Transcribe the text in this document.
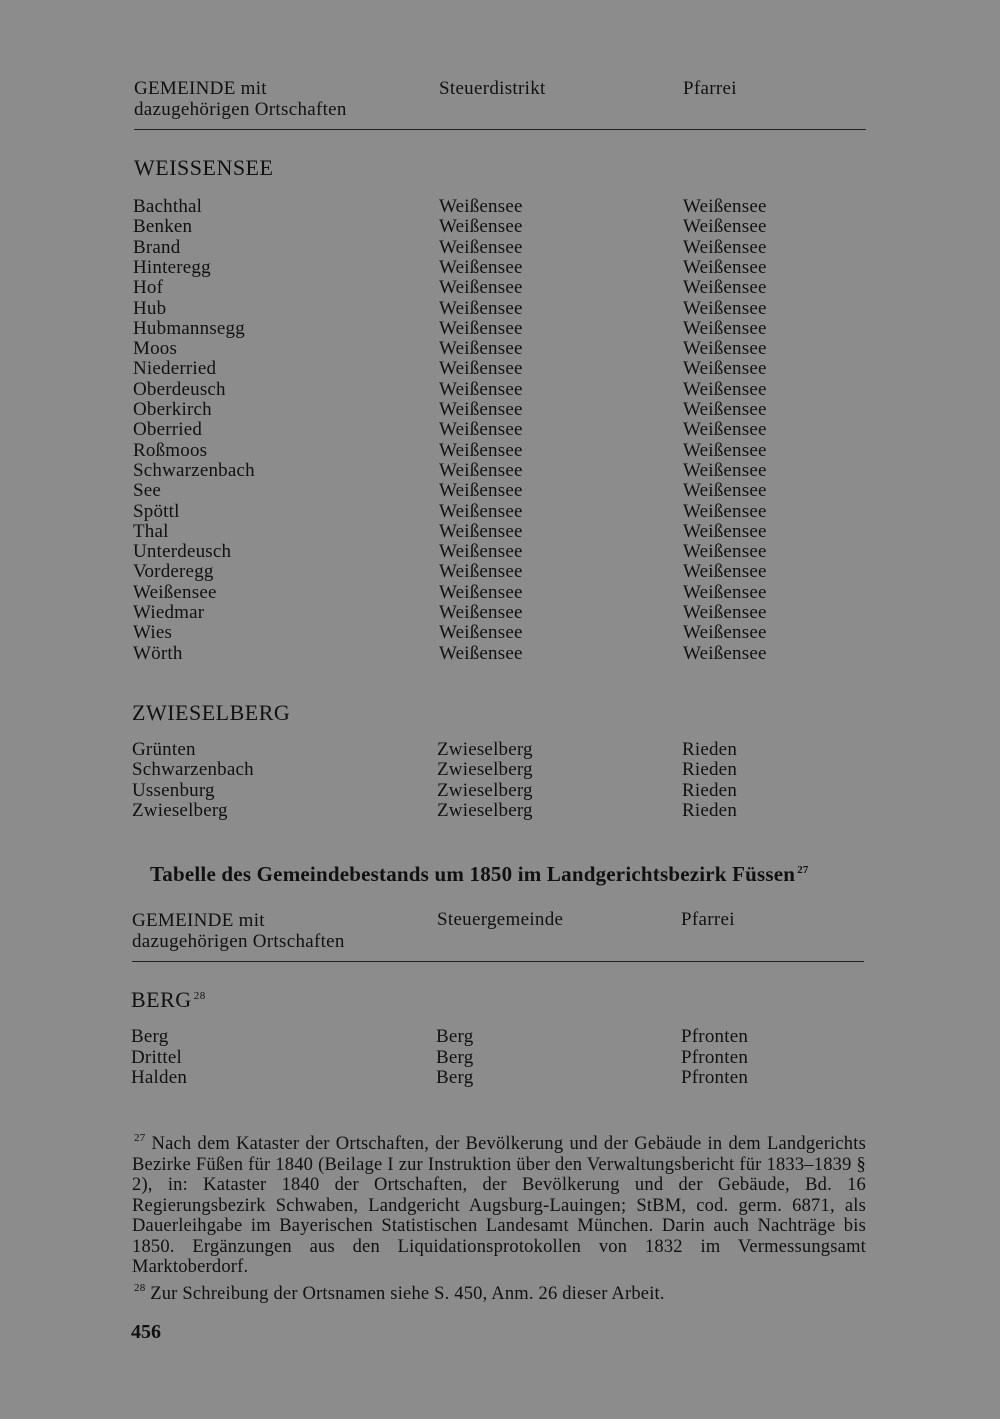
GEMEINDE mit
dazugehörigen Ortschaften
Steuerdistrikt	Pfarrei
WEISSENSEE
Bachthal	Weißensee	Weißensee
Benken	Weißensee	Weißensee
Brand	Weißensee	Weißensee
Hinteregg	Weißensee	Weißensee
Hof	Weißensee	Weißensee
Hub	Weißensee	Weißensee
Hubmannsegg	Weißensee	Weißensee
Moos	Weißensee	Weißensee
Niederried	Weißensee	Weißensee
Oberdeusch	Weißensee	Weißensee
Oberkirch	Weißensee	Weißensee
Oberried	Weißensee	Weißensee
Roßmoos	Weißensee	Weißensee
Schwarzenbach	Weißensee	Weißensee
See	Weißensee	Weißensee
Spöttl	Weißensee	Weißensee
Thal	Weißensee	Weißensee
Unterdeusch	Weißensee	Weißensee
Vorderegg	Weißensee	Weißensee
Weißensee	Weißensee	Weißensee
Wiedmar	Weißensee	Weißensee
Wies	Weißensee	Weißensee
Wörth	Weißensee	Weißensee
ZWIESELBERG
Grünten	Zwieselberg	Rieden
Schwarzenbach	Zwieselberg	Rieden
Ussenburg	Zwieselberg	Rieden
Zwieselberg	Zwieselberg	Rieden
Tabelle des Gemeindebestands um 1850 im Landgerichtsbezirk Füssen $^{27}$
GEMEINDE mit
dazugehörigen Ortschaften
Steuergemeinde	Pfarrei
BERG $^{28}$
Berg	Berg	Pfronten
Drittel	Berg	Pfronten
Halden	Berg	Pfronten

$^{27}$ Nach dem Kataster der Ortschaften, der Bevölkerung und der Gebäude in dem Landgerichts Bezirke Füßen für 1840 (Beilage I zur Instruktion über den Verwaltungsbericht für 1833–1839 § 2), in: Kataster 1840 der Ortschaften, der Bevölkerung und der Gebäude, Bd. 16 Regierungsbezirk Schwaben, Landgericht Augsburg-Lauingen; StBM, cod. germ. 6871, als Dauerleihgabe im Bayerischen Statistischen Landesamt München. Darin auch Nachträge bis 1850. Ergänzungen aus den Liquidationsprotokollen von 1832 im Vermessungsamt Marktoberdorf.

$^{28}$ Zur Schreibung der Ortsnamen siehe S. 450, Anm. 26 dieser Arbeit.

456
